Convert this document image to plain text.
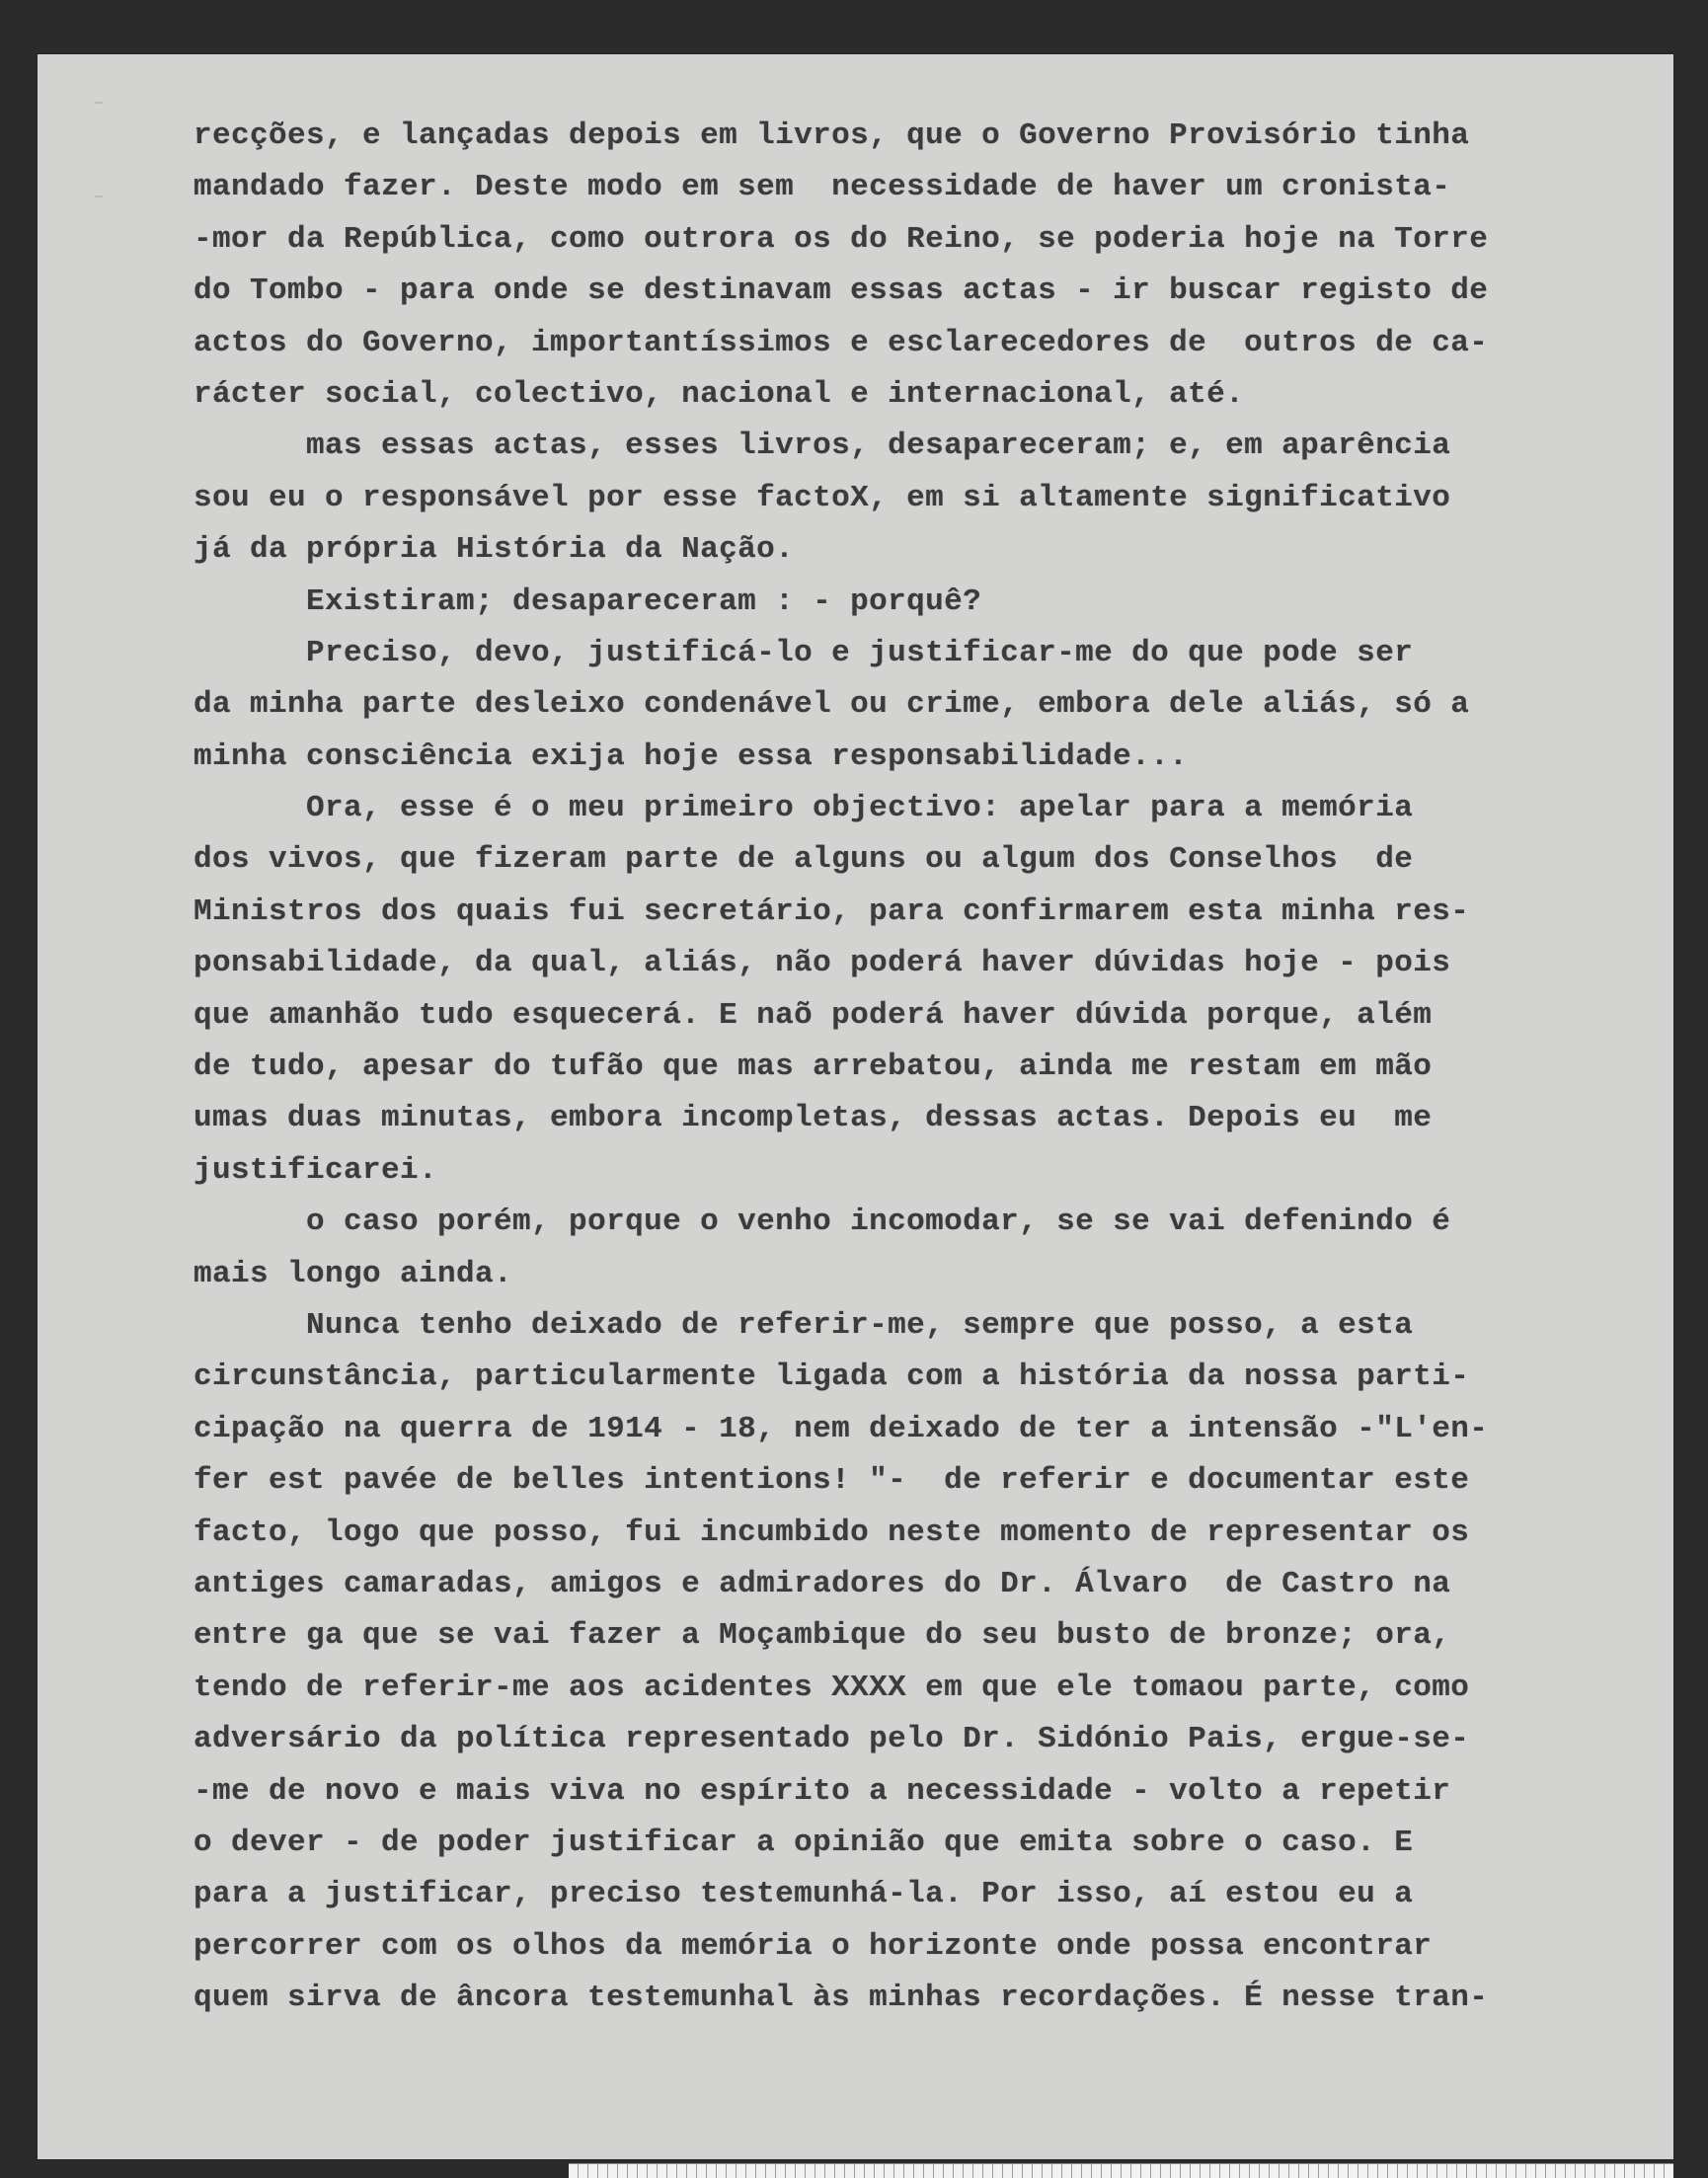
recções, e lançadas depois em livros, que o Governo Provisório tinha
mandado fazer. Deste modo em sem  necessidade de haver um cronista-
-mor da República, como outrora os do Reino, se poderia hoje na Torre
do Tombo - para onde se destinavam essas actas - ir buscar registo de
actos do Governo, importantíssimos e esclarecedores de  outros de ca-
rácter social, colectivo, nacional e internacional, até.
mas essas actas, esses livros, desapareceram; e, em aparência
sou eu o responsável por esse factoX, em si altamente significativo
já da própria História da Nação.
Existiram; desapareceram : - porquê?
Preciso, devo, justificá-lo e justificar-me do que pode ser
da minha parte desleixo condenável ou crime, embora dele aliás, só a
minha consciência exija hoje essa responsabilidade...
Ora, esse é o meu primeiro objectivo: apelar para a memória
dos vivos, que fizeram parte de alguns ou algum dos Conselhos  de
Ministros dos quais fui secretário, para confirmarem esta minha res-
ponsabilidade, da qual, aliás, não poderá haver dúvidas hoje - pois
que amanhão tudo esquecerá. E naõ poderá haver dúvida porque, além
de tudo, apesar do tufão que mas arrebatou, ainda me restam em mão
umas duas minutas, embora incompletas, dessas actas. Depois eu  me
justificarei.
o caso porém, porque o venho incomodar, se se vai defenindo é
mais longo ainda.
Nunca tenho deixado de referir-me, sempre que posso, a esta
circunstância, particularmente ligada com a história da nossa parti-
cipação na querra de 1914 - 18, nem deixado de ter a intensão -"L'en-
fer est pavée de belles intentions! "-  de referir e documentar este
facto, logo que posso, fui incumbido neste momento de representar os
antiges camaradas, amigos e admiradores do Dr. Álvaro  de Castro na
entre ga que se vai fazer a Moçambique do seu busto de bronze; ora,
tendo de referir-me aos acidentes XXXX em que ele tomaou parte, como
adversário da política representado pelo Dr. Sidónio Pais, ergue-se-
-me de novo e mais viva no espírito a necessidade - volto a repetir
o dever - de poder justificar a opinião que emita sobre o caso. E
para a justificar, preciso testemunhá-la. Por isso, aí estou eu a
percorrer com os olhos da memória o horizonte onde possa encontrar
quem sirva de âncora testemunhal às minhas recordações. É nesse tran-
